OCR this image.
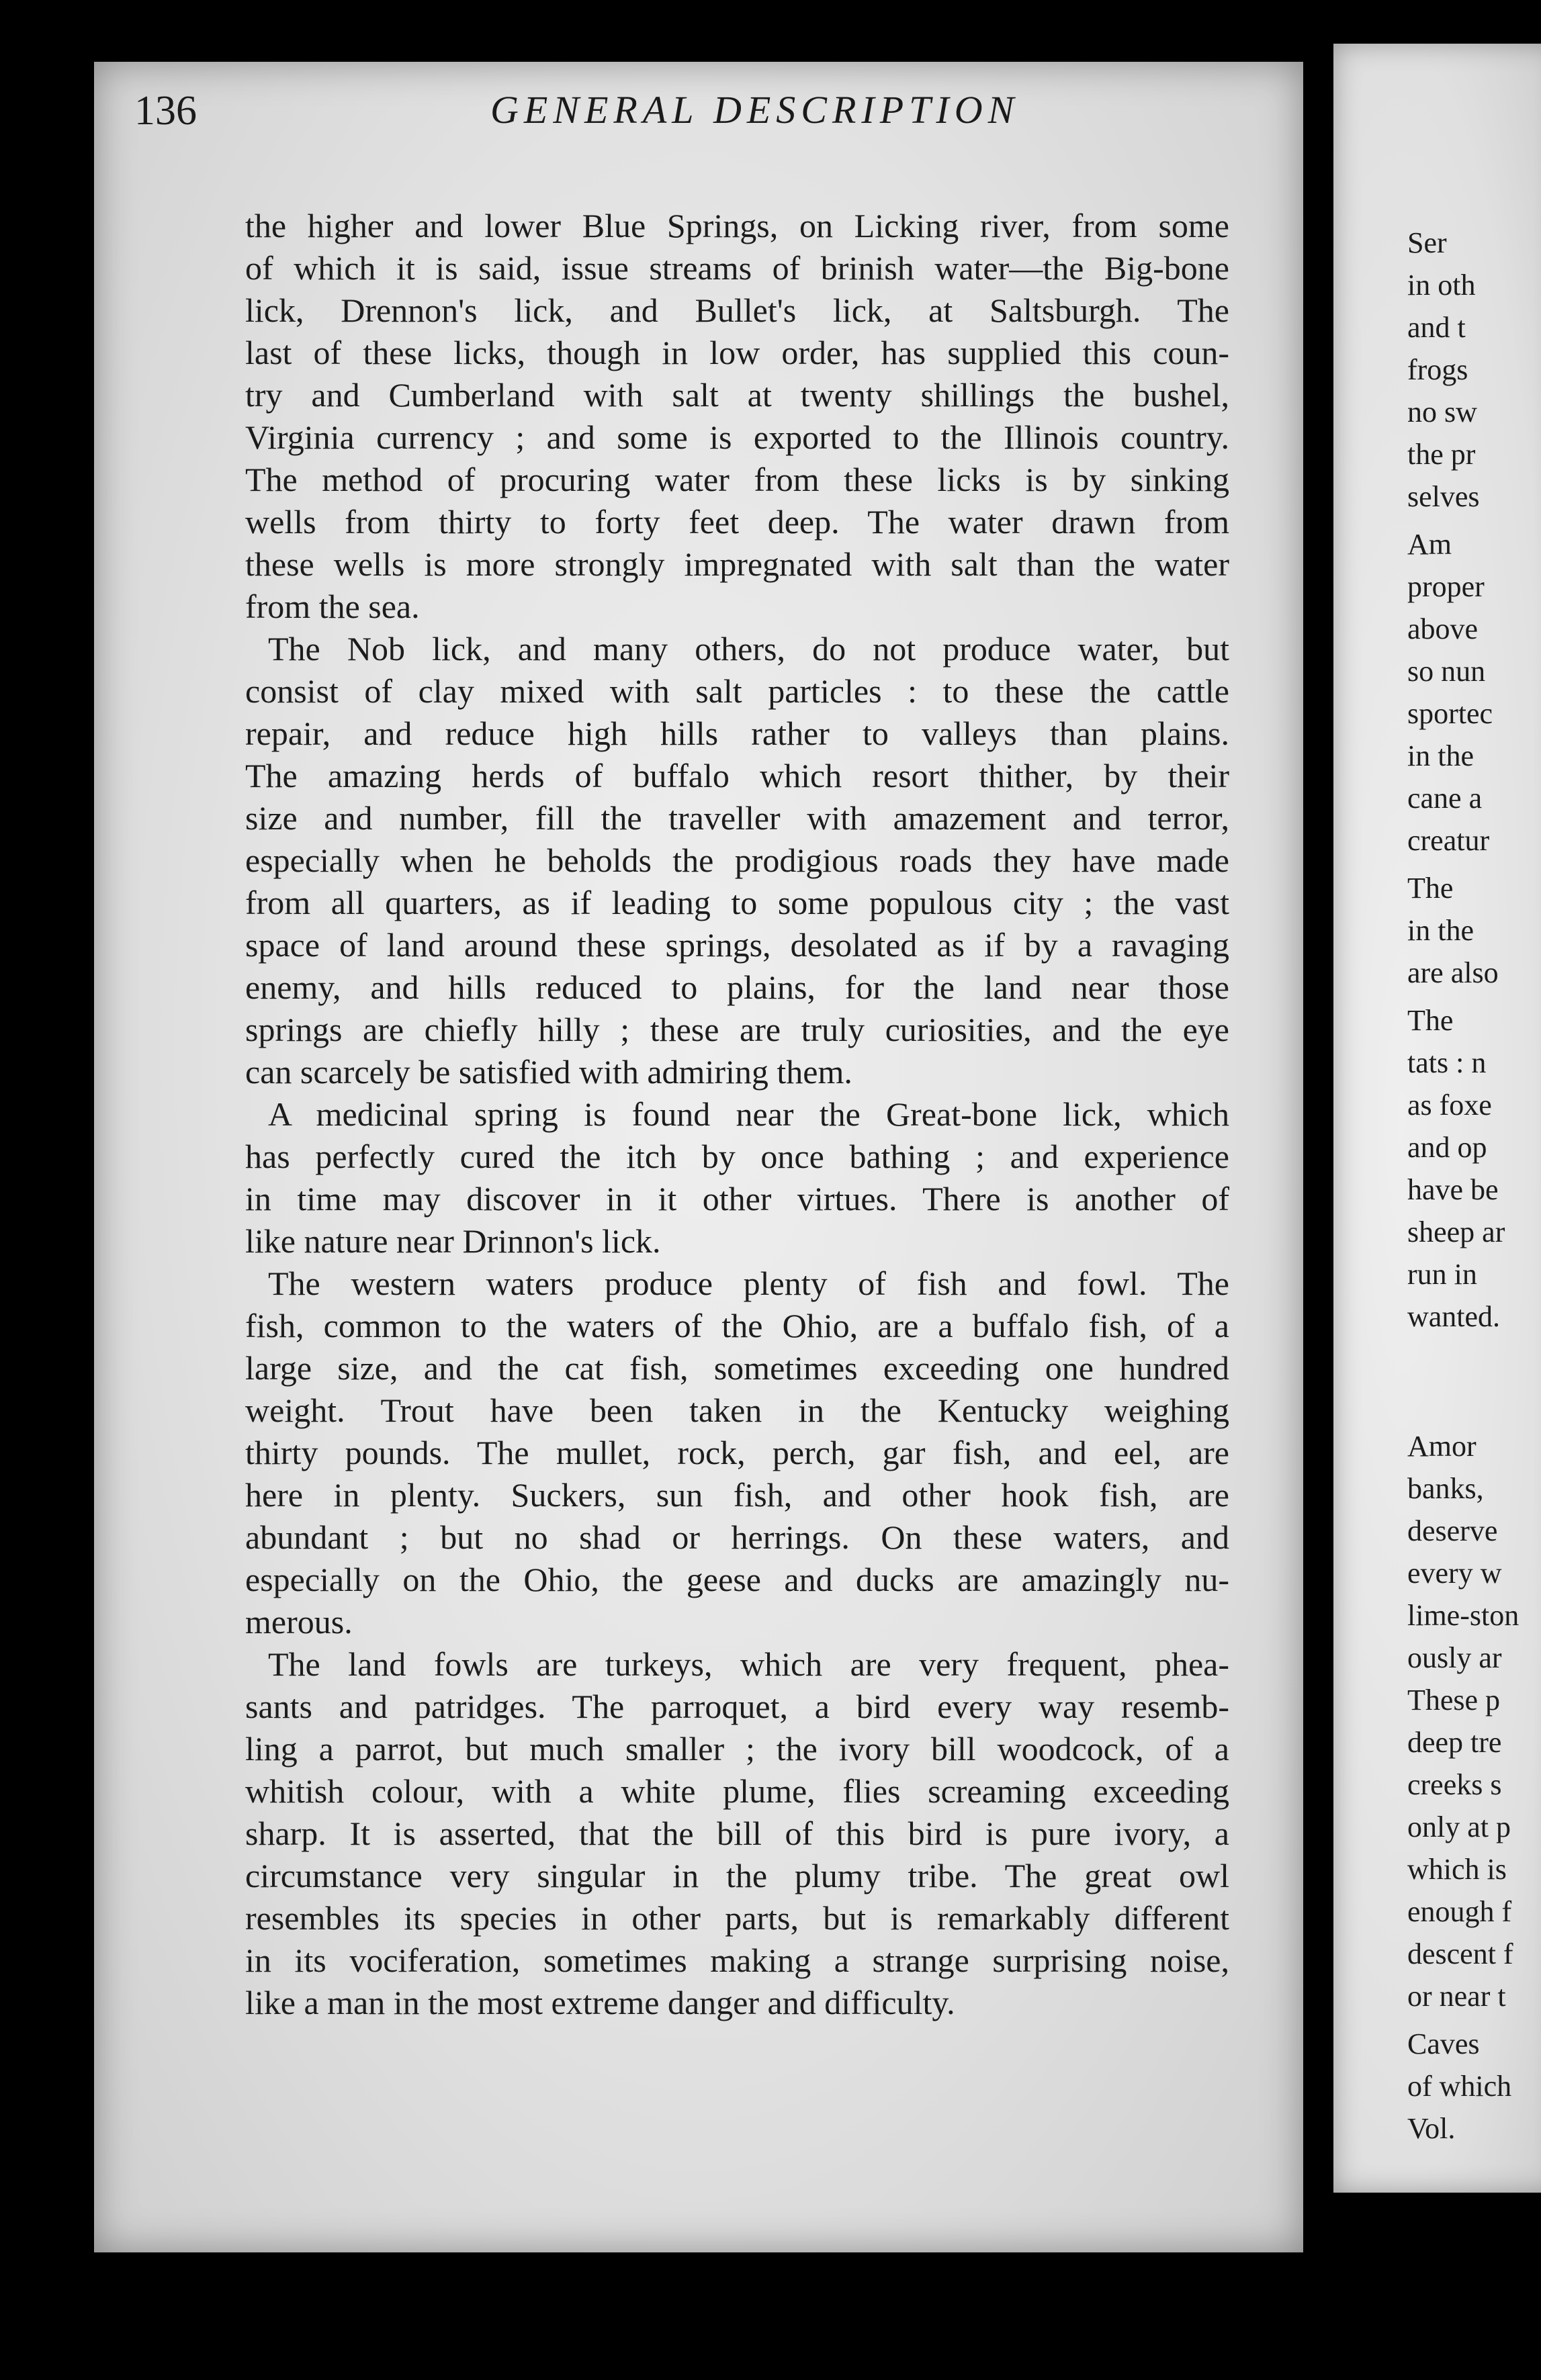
136	GENERAL DESCRIPTION
the higher and lower Blue Springs, on Licking river, from some
of which it is said, issue streams of brinish water—the Big-bone
lick, Drennon's lick, and Bullet's lick, at Saltsburgh. The
last of these licks, though in low order, has supplied this coun-
try and Cumberland with salt at twenty shillings the bushel,
Virginia currency ; and some is exported to the Illinois country.
The method of procuring water from these licks is by sinking
wells from thirty to forty feet deep. The water drawn from
these wells is more strongly impregnated with salt than the water
from the sea.
The Nob lick, and many others, do not produce water, but
consist of clay mixed with salt particles : to these the cattle
repair, and reduce high hills rather to valleys than plains.
The amazing herds of buffalo which resort thither, by their
size and number, fill the traveller with amazement and terror,
especially when he beholds the prodigious roads they have made
from all quarters, as if leading to some populous city ; the vast
space of land around these springs, desolated as if by a ravaging
enemy, and hills reduced to plains, for the land near those
springs are chiefly hilly ; these are truly curiosities, and the eye
can scarcely be satisfied with admiring them.
A medicinal spring is found near the Great-bone lick, which
has perfectly cured the itch by once bathing ; and experience
in time may discover in it other virtues. There is another of
like nature near Drinnon's lick.
The western waters produce plenty of fish and fowl. The
fish, common to the waters of the Ohio, are a buffalo fish, of a
large size, and the cat fish, sometimes exceeding one hundred
weight. Trout have been taken in the Kentucky weighing
thirty pounds. The mullet, rock, perch, gar fish, and eel, are
here in plenty. Suckers, sun fish, and other hook fish, are
abundant ; but no shad or herrings. On these waters, and
especially on the Ohio, the geese and ducks are amazingly nu-
merous.
The land fowls are turkeys, which are very frequent, phea-
sants and patridges. The parroquet, a bird every way resemb-
ling a parrot, but much smaller ; the ivory bill woodcock, of a
whitish colour, with a white plume, flies screaming exceeding
sharp. It is asserted, that the bill of this bird is pure ivory, a
circumstance very singular in the plumy tribe. The great owl
resembles its species in other parts, but is remarkably different
in its vociferation, sometimes making a strange surprising noise,
like a man in the most extreme danger and difficulty.
Ser
in oth
and t
frogs
no sw
the pr
selves
Am
proper
above
so nun
sportec
in the
cane a
creatur
The
in the
are also
The
tats : n
as foxe
and op
have be
sheep ar
run in
wanted.
Amor
banks,
deserve
every w
lime-ston
ously ar
These p
deep tre
creeks s
only at p
which is
enough f
descent f
or near t
Caves
of which
Vol.
